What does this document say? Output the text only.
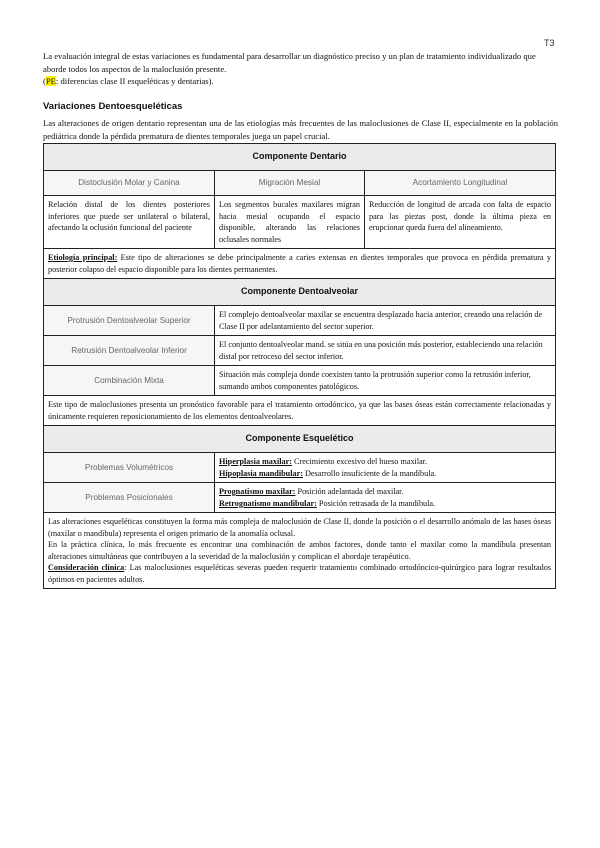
T3

La evaluación integral de estas variaciones es fundamental para desarrollar un diagnóstico preciso y un plan de tratamiento individualizado que aborde todos los aspectos de la maloclusión presente.

(PE: diferencias clase II esqueléticas y dentarias).

Variaciones Dentoesqueléticas

Las alteraciones de origen dentario representan una de las etiologías más frecuentes de las maloclusiones de Clase II, especialmente en la población pediátrica donde la pérdida prematura de dientes temporales juega un papel crucial.

Componente Dentario		
Distoclusión Molar y Canina	Migración Mesial	Acortamiento Longitudinal
Relación distal de los dientes posteriores inferiores que puede ser unilateral o bilateral, afectando la oclusión funcional del paciente	Los segmentos bucales maxilares migran hacia mesial ocupando el espacio disponible, alterando las relaciones oclusales normales	Reducción de longitud de arcada con falta de espacio para las piezas post, donde la última pieza en erupcionar queda fuera del alineamiento.
Etiología principal: Este tipo de alteraciones se debe principalmente a caries extensas en dientes temporales que provoca en pérdida prematura y posterior colapso del espacio disponible para los dientes permanentes.		
Componente Dentoalveolar		
Protrusión Dentoalveolar Superior	El complejo dentoalveolar maxilar se encuentra desplazado hacia anterior, creando una relación de Clase II por adelantamiento del sector superior.	
Retrusión Dentoalveolar Inferior	El conjunto dentoalveolar mand. se sitúa en una posición más posterior, estableciendo una relación distal por retroceso del sector inferior.	
Combinación Mixta	Situación más compleja donde coexisten tanto la protrusión superior como la retrusión inferior, sumando ambos componentes patológicos.	
Este tipo de maloclusiones presenta un pronóstico favorable para el tratamiento ortodóncico, ya que las bases óseas están correctamente relacionadas y únicamente requieren reposicionamiento de los elementos dentoalveolares.		
Componente Esquelético		
Problemas Volumétricos	Hiperplasia maxilar: Crecimiento excesivo del hueso maxilar.
Hipoplasia mandibular: Desarrollo insuficiente de la mandíbula.	
Problemas Posicionales	Prognatismo maxilar: Posición adelantada del maxilar.
Retrognatismo mandibular: Posición retrasada de la mandíbula.	

Las alteraciones esqueléticas constituyen la forma más compleja de maloclusión de Clase II, donde la posición o el desarrollo anómalo de las bases óseas (maxilar o mandíbula) representa el origen primario de la anomalía oclusal.
En la práctica clínica, lo más frecuente es encontrar una combinación de ambos factores, donde tanto el maxilar como la mandíbula presentan alteraciones simultáneas que contribuyen a la severidad de la maloclusión y complican el abordaje terapéutico.
Consideración clínica: Las maloclusiones esqueléticas severas pueden requerir tratamiento combinado ortodóncico-quirúrgico para lograr resultados óptimos en pacientes adultos.		
